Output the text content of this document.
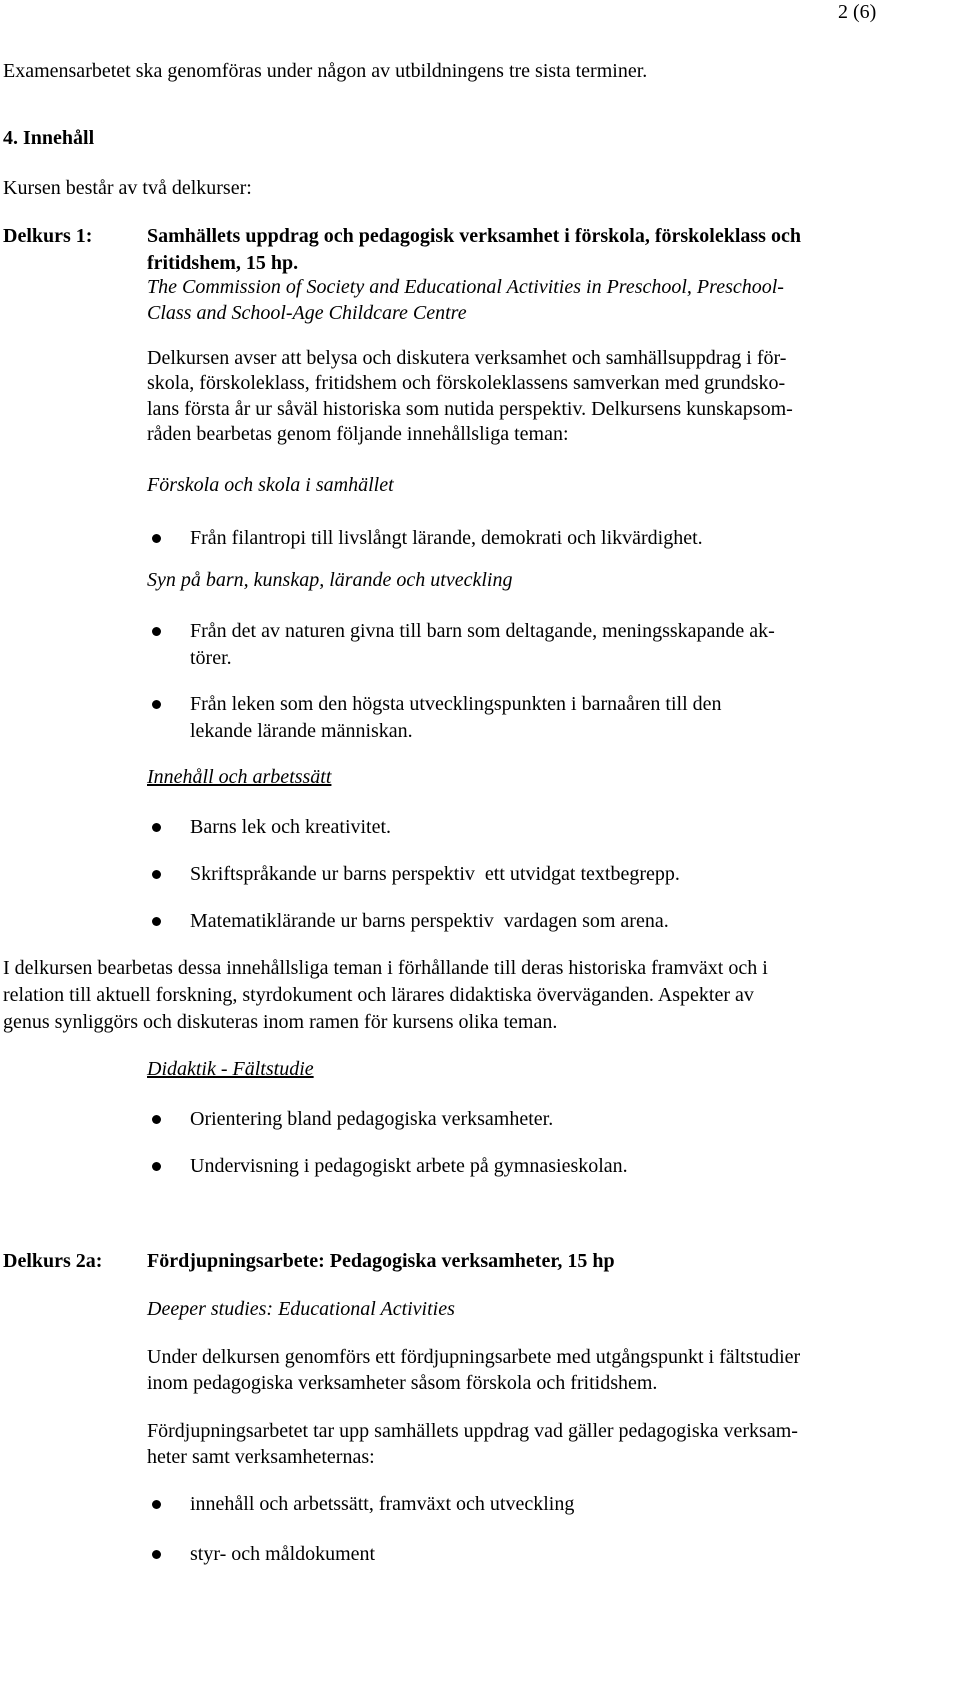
2 (6)

Examensarbetet ska genomföras under någon av utbildningens tre sista terminer.

4. Innehåll

Kursen består av två delkurser:

Delkurs 1:	Samhällets uppdrag och pedagogisk verksamhet i förskola, förskoleklass och

fritidshem, 15 hp.

The Commission of Society and Educational Activities in Preschool, Preschool-

Class and School-Age Childcare Centre

Delkursen avser att belysa och diskutera verksamhet och samhällsuppdrag i för-

skola, förskoleklass, fritidshem och förskoleklassens samverkan med grundsko-

lans första år ur såväl historiska som nutida perspektiv. Delkursens kunskapsom-

råden bearbetas genom följande innehållsliga teman:

Förskola och skola i samhället

Från filantropi till livslångt lärande, demokrati och likvärdighet.

Syn på barn, kunskap, lärande och utveckling

Från det av naturen givna till barn som deltagande, meningsskapande ak-
törer.
Från leken som den högsta utvecklingspunkten i barnaåren till den
lekande lärande människan.

Innehåll och arbetssätt

Barns lek och kreativitet.
Skriftspråkande ur barns perspektiv  ett utvidgat textbegrepp.
Matematiklärande ur barns perspektiv  vardagen som arena.

I delkursen bearbetas dessa innehållsliga teman i förhållande till deras historiska framväxt och i

relation till aktuell forskning, styrdokument och lärares didaktiska överväganden. Aspekter av

genus synliggörs och diskuteras inom ramen för kursens olika teman.

Didaktik - Fältstudie

Orientering bland pedagogiska verksamheter.
Undervisning i pedagogiskt arbete på gymnasieskolan.

Delkurs 2a: Fördjupningsarbete: Pedagogiska verksamheter, 15 hp

Deeper studies: Educational Activities

Under delkursen genomförs ett fördjupningsarbete med utgångspunkt i fältstudier

inom pedagogiska verksamheter såsom förskola och fritidshem.

Fördjupningsarbetet tar upp samhällets uppdrag vad gäller pedagogiska verksam-

heter samt verksamheternas:

innehåll och arbetssätt, framväxt och utveckling
styr- och måldokument
